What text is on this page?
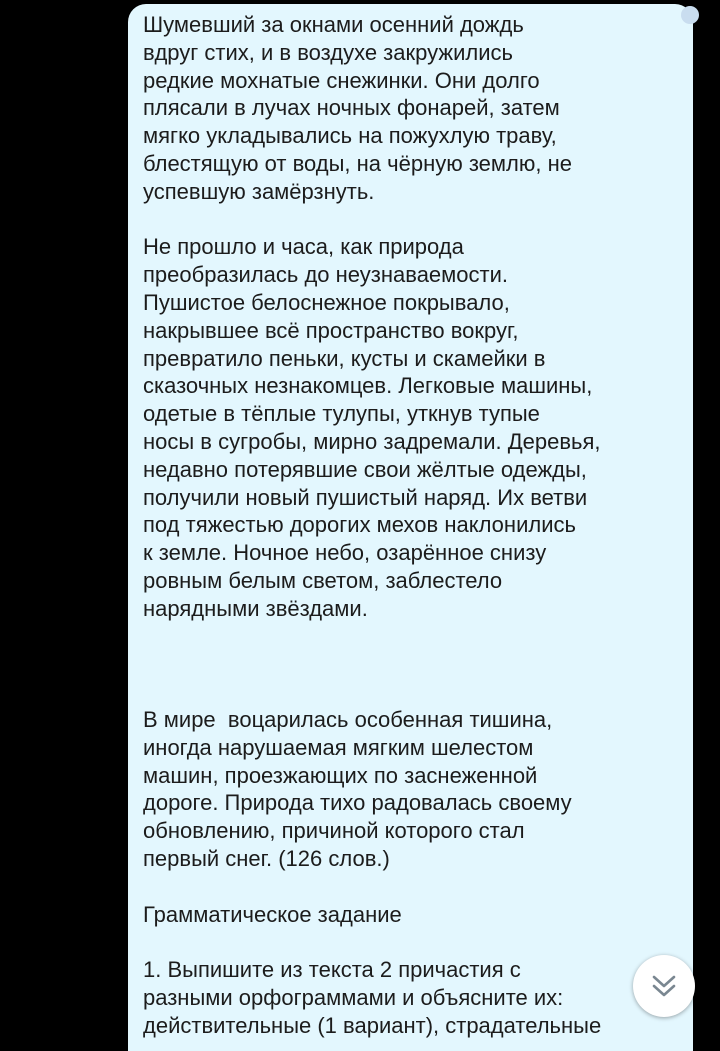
Шумевший за окнами осенний дождь
вдруг стих, и в воздухе закружились
редкие мохнатые снежинки. Они долго
плясали в лучах ночных фонарей, затем
мягко укладывались на пожухлую траву,
блестящую от воды, на чёрную землю, не
успевшую замёрзнуть.

Не прошло и часа, как природа
преобразилась до неузнаваемости.
Пушистое белоснежное покрывало,
накрывшее всё пространство вокруг,
превратило пеньки, кусты и скамейки в
сказочных незнакомцев. Легковые машины,
одетые в тёплые тулупы, уткнув тупые
носы в сугробы, мирно задремали. Деревья,
недавно потерявшие свои жёлтые одежды,
получили новый пушистый наряд. Их ветви
под тяжестью дорогих мехов наклонились
к земле. Ночное небо, озарённое снизу
ровным белым светом, заблестело
нарядными звёздами.

В мире  воцарилась особенная тишина,
иногда нарушаемая мягким шелестом
машин, проезжающих по заснеженной
дороге. Природа тихо радовалась своему
обновлению, причиной которого стал
первый снег. (126 слов.)

Грамматическое задание

1. Выпишите из текста 2 причастия с
разными орфограммами и объясните их:
действительные (1 вариант), страдательные
